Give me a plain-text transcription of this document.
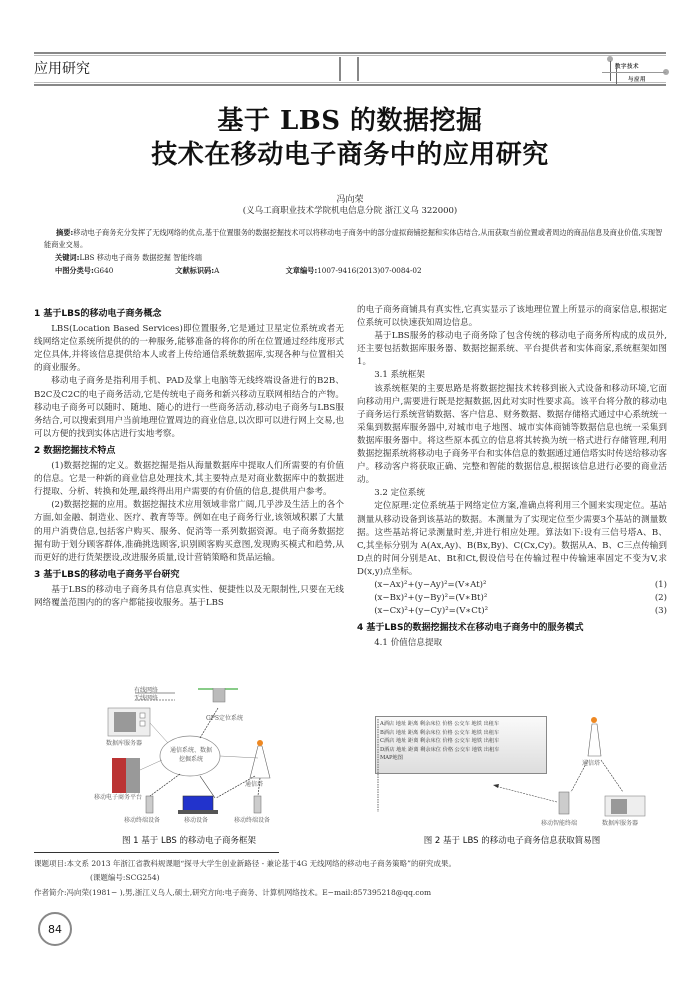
应用研究	数字技术
与应用
基于 LBS 的数据挖掘
技术在移动电子商务中的应用研究
冯向荣
(义乌工商职业技术学院机电信息分院 浙江义乌 322000)
摘要:移动电子商务充分发挥了无线网络的优点,基于位置服务的数据挖掘技术可以将移动电子商务中的部分虚拟商铺挖掘和实体店结合,从而获取当前位置或者周边的商品信息及商业价值,实现智能商业交易。
关键词:LBS 移动电子商务 数据挖掘 智能终端
中图分类号:G640	文献标识码:A	文章编号:1007-9416(2013)07-0084-02
1 基于LBS的移动电子商务概念

LBS(Location Based Services)即位置服务,它是通过卫星定位系统或者无线网络定位系统所提供的的一种服务,能够准备的将你的所在位置通过经纬度形式定位具体,并将该信息提供给本人或者上传给通信系统数据库,实现各种与位置相关的商业服务。

移动电子商务是指利用手机、PAD及掌上电脑等无线终端设备进行的B2B、B2C及C2C的电子商务活动,它是传统电子商务和新兴移动互联网相结合的产物。移动电子商务可以随时、随地、随心的进行一些商务活动,移动电子商务与LBS服务结合,可以搜索到用户当前地理位置周边的商业信息,以次即可以进行网上交易,也可以方便的找到实体店进行实地考察。

2 数据挖掘技术特点

(1)数据挖掘的定义。数据挖掘是指从海量数据库中提取人们所需要的有价值的信息。它是一种新的商业信息处理技术,其主要特点是对商业数据库中的数据进行提取、分析、转换和处理,最终得出用户需要的有价值的信息,提供用户参考。

(2)数据挖掘的应用。数据挖掘技术应用领域非常广阔,几乎涉及生活上的各个方面,如金融、制造业、医疗、教育等等。例如在电子商务行业,该领域积累了大量的用户消费信息,包括客户购买、服务、促消等一系列数据资源。电子商务数据挖掘有助于划分顾客群体,准确挑选顾客,识别顾客购买意图,发现购买模式和趋势,从而更好的进行货架摆设,改进服务质量,设计营销策略和货品运输。

3 基于LBS的移动电子商务平台研究

基于LBS的移动电子商务具有信息真实性、便捷性以及无限制性,只要在无线网络覆盖范围内的的客户都能接收服务。基于LBS

有线网络
无线网络
GPS定位系统
数据库服务器
通信系统、数据挖掘系统
通信塔
移动电子商务平台
移动终端设备	移动设备	移动终端设备
图 1 基于 LBS 的移动电子商务框架

的电子商务商铺具有真实性,它真实显示了该地理位置上所显示的商家信息,根据定位系统可以快速获知周边信息。

基于LBS服务的移动电子商务除了包含传统的移动电子商务所构成的成员外,还主要包括数据库服务器、数据挖掘系统、平台提供者和实体商家,系统框架如图1。

3.1 系统框架

该系统框架的主要思路是将数据挖掘技术转移到嵌入式设备和移动环境,它面向移动用户,需要进行既是挖掘数据,因此对实时性要求高。该平台将分散的移动电子商务运行系统营销数据、客户信息、财务数据、数据存储格式通过中心系统统一采集到数据库服务器中,对城市电子地图、城市实体商铺等数据信息也统一采集到数据库服务器中。将这些原本孤立的信息将其转换为统一格式进行存储管理,利用数据挖掘系统将移动电子商务平台和实体信息的数据通过通信塔实时传送给移动客户。移动客户将获取正确、完整和智能的数据信息,根据该信息进行必要的商业活动。

3.2 定位系统

定位原理:定位系统基于网络定位方案,准确点将利用三个圆来实现定位。基站测量从移动设备到该基站的数据。本测量为了实现定位至少需要3个基站的测量数据。这些基站将记录测量时差,并进行相应处理。算法如下:设有三信号塔A、B、C,其坐标分别为 A(Ax,Ay)、B(Bx,By)、C(Cx,Cy)。数据从A、B、C三点传输到D点的时间分别是At、Bt和Ct,假设信号在传输过程中传输速率固定不变为V,求D(x,y)点坐标。

(x−Ax)²+(y−Ay)²=(V∗At)²	(1)
(x−Bx)²+(y−By)²=(V∗Bt)²	(2)
(x−Cx)²+(y−Cy)²=(V∗Ct)²	(3)
4 基于LBS的数据挖掘技术在移动电子商务中的服务模式

4.1 价值信息提取

A酒店 地址 距离 剩余床位 价格 公交车 地铁 出租车
B酒店 地址 距离 剩余床位 价格 公交车 地铁 出租车
C酒店 地址 距离 剩余床位 价格 公交车 地铁 出租车
D酒店 地址 距离 剩余床位 价格 公交车 地铁 出租车
MAP地图
通信塔
移动智能终端	数据库服务器
图 2 基于 LBS 的移动电子商务信息获取简易图
课题项目:本文系 2013 年浙江省教科规课题“探寻大学生创业新路径 - 兼论基于4G 无线网络的移动电子商务策略”的研究成果。
(课题编号:SCG254)
作者简介:冯向荣(1981− ),男,浙江义乌人,硕士,研究方向:电子商务、计算机网络技术。E−mail:857395218@qq.com
84
